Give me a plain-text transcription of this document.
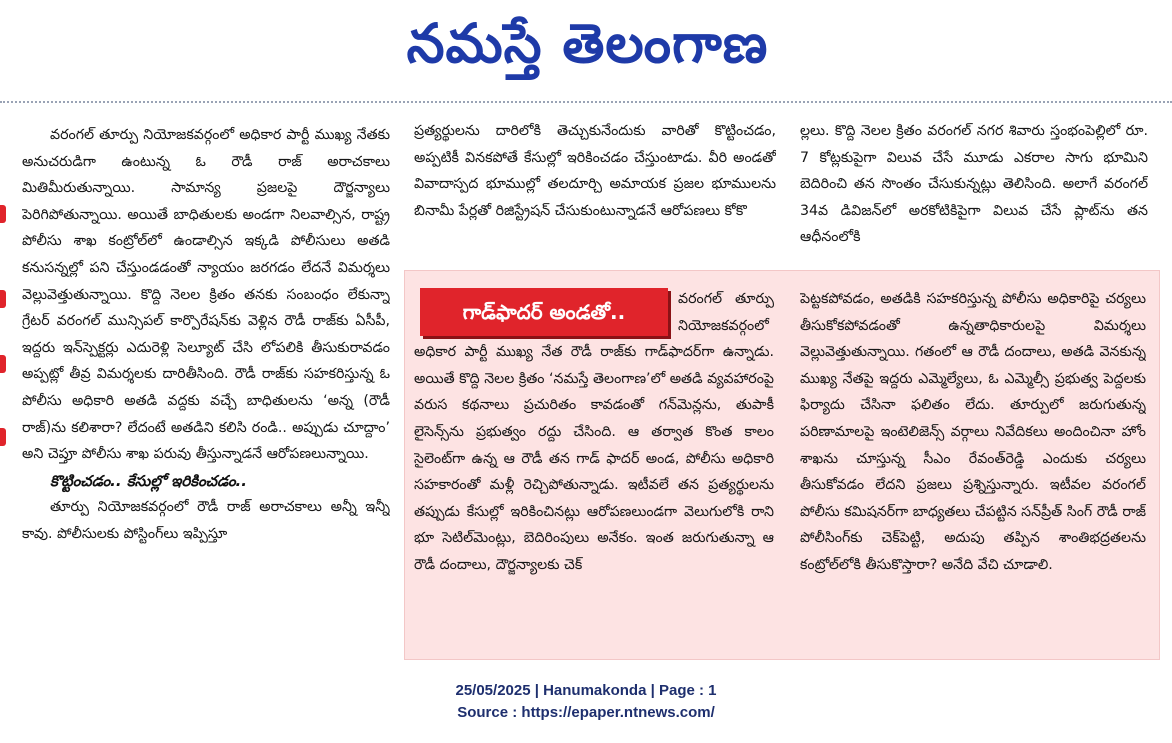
నమస్తే తెలంగాణ

వరంగల్‌ తూర్పు నియోజకవర్గంలో అధికార పార్టీ ముఖ్య నేతకు అనుచరుడిగా ఉంటున్న ఓ రౌడీ రాజ్‌ అరాచకాలు మితిమీరుతున్నాయి. సామాన్య ప్రజలపై దౌర్జన్యాలు పెరిగిపోతున్నాయి. అయితే బాధితులకు అండగా నిలవాల్సిన, రాష్ట్ర పోలీసు శాఖ కంట్రోల్‌లో ఉండాల్సిన ఇక్కడి పోలీసులు అతడి కనుసన్నల్లో పని చేస్తుండడంతో న్యాయం జరగడం లేదనే విమర్శలు వెల్లువెత్తుతున్నాయి. కొద్ది నెలల క్రితం తనకు సంబంధం లేకున్నా గ్రేటర్‌ వరంగల్‌ మున్సిపల్‌ కార్పొరేషన్‌కు వెళ్లిన రౌడీ రాజ్‌కు ఏసీపీ, ఇద్దరు ఇన్‌స్పెక్టర్లు ఎదురెళ్లి సెల్యూట్‌ చేసి లోపలికి తీసుకురావడం అప్పట్లో తీవ్ర విమర్శలకు దారితీసింది. రౌడీ రాజ్‌కు సహకరిస్తున్న ఓ పోలీసు అధికారి అతడి వద్దకు వచ్చే బాధితులను ‘అన్న (రౌడీ రాజ్‌)ను కలిశారా? లేదంటే అతడిని కలిసి రండి.. అప్పుడు చూద్దాం’ అని చెప్తూ పోలీసు శాఖ పరువు తీస్తున్నాడనే ఆరోపణలున్నాయి.

కొట్టించడం.. కేసుల్లో ఇరికించడం..

తూర్పు నియోజకవర్గంలో రౌడీ రాజ్‌ అరాచకాలు అన్నీ ఇన్నీ కావు. పోలీసులకు పోస్టింగ్‌లు ఇప్పిస్తూ

ప్రత్యర్థులను దారిలోకి తెచ్చుకునేందుకు వారితో కొట్టించడం, అప్పటికీ వినకపోతే కేసుల్లో ఇరికించడం చేస్తుంటాడు. వీరి అండతో వివాదాస్పద భూముల్లో తలదూర్చి అమాయక ప్రజల భూములను బినామీ పేర్లతో రిజిస్ట్రేషన్‌ చేసుకుంటున్నాడనే ఆరోపణలు కోకొ

ల్లలు. కొద్ది నెలల క్రితం వరంగల్‌ నగర శివారు స్తంభంపెల్లిలో రూ. 7 కోట్లకుపైగా విలువ చేసే మూడు ఎకరాల సాగు భూమిని బెదిరించి తన సొంతం చేసుకున్నట్లు తెలిసింది. అలాగే వరంగల్‌ 34వ డివిజన్‌లో అరకోటికిపైగా విలువ చేసే ప్లాట్‌ను తన ఆధీనంలోకి

వరంగల్‌ తూర్పు నియోజకవర్గంలో అధికార పార్టీ ముఖ్య నేత రౌడీ రాజ్‌కు గాడ్‌ఫాదర్‌గా ఉన్నాడు. అయితే కొద్ది నెలల క్రితం ‘నమస్తే తెలంగాణ’లో అతడి వ్యవహారంపై వరుస కథనాలు ప్రచురితం కావడంతో గన్‌మెన్లను, తుపాకీ లైసెన్స్‌ను ప్రభుత్వం రద్దు చేసింది. ఆ తర్వాత కొంత కాలం సైలెంట్‌గా ఉన్న ఆ రౌడీ తన గాడ్‌ ఫాదర్‌ అండ, పోలీసు అధికారి సహకారంతో మళ్లీ రెచ్చిపోతున్నాడు. ఇటీవలే తన ప్రత్యర్థులను తప్పుడు కేసుల్లో ఇరికించినట్లు ఆరోపణలుండగా వెలుగులోకి రాని భూ సెటిల్‌మెంట్లు, బెదిరింపులు అనేకం. ఇంత జరుగుతున్నా ఆ రౌడీ దందాలు, దౌర్జన్యాలకు చెక్‌

పెట్టకపోవడం, అతడికి సహకరిస్తున్న పోలీసు అధికారిపై చర్యలు తీసుకోకపోవడంతో ఉన్నతాధికారులపై విమర్శలు వెల్లువెత్తుతున్నాయి. గతంలో ఆ రౌడీ దందాలు, అతడి వెనకున్న ముఖ్య నేతపై ఇద్దరు ఎమ్మెల్యేలు, ఓ ఎమ్మెల్సీ ప్రభుత్వ పెద్దలకు ఫిర్యాదు చేసినా ఫలితం లేదు. తూర్పులో జరుగుతున్న పరిణామాలపై ఇంటెలిజెన్స్‌ వర్గాలు నివేదికలు అందించినా హోం శాఖను చూస్తున్న సీఎం రేవంత్‌రెడ్డి ఎందుకు చర్యలు తీసుకోవడం లేదని ప్రజలు ప్రశ్నిస్తున్నారు. ఇటీవల వరంగల్‌ పోలీసు కమిషనర్‌గా బాధ్యతలు చేపట్టిన సన్‌ప్రీత్‌ సింగ్‌ రౌడీ రాజ్‌ పోలీసింగ్‌కు చెక్‌పెట్టి, అదుపు తప్పిన శాంతిభద్రతలను కంట్రోల్‌లోకి తీసుకొస్తారా? అనేది వేచి చూడాలి.

గాడ్‌ఫాదర్‌ అండతో..
25/05/2025 | Hanumakonda | Page : 1
Source : https://epaper.ntnews.com/
